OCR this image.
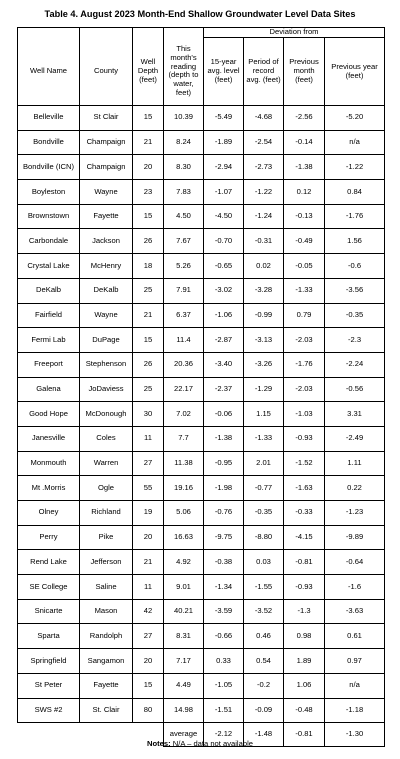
Table 4. August 2023 Month-End Shallow Groundwater Level Data Sites
				Deviation from			
Well Name	County	Well Depth (feet)	This month's reading (depth to water, feet)	15-year avg. level (feet)	Period of record avg. (feet)	Previous month (feet)	Previous year (feet)
Belleville	St Clair	15	10.39	-5.49	-4.68	-2.56	-5.20
Bondville	Champaign	21	8.24	-1.89	-2.54	-0.14	n/a
Bondville (ICN)	Champaign	20	8.30	-2.94	-2.73	-1.38	-1.22
Boyleston	Wayne	23	7.83	-1.07	-1.22	0.12	0.84
Brownstown	Fayette	15	4.50	-4.50	-1.24	-0.13	-1.76
Carbondale	Jackson	26	7.67	-0.70	-0.31	-0.49	1.56
Crystal Lake	McHenry	18	5.26	-0.65	0.02	-0.05	-0.6
DeKalb	DeKalb	25	7.91	-3.02	-3.28	-1.33	-3.56
Fairfield	Wayne	21	6.37	-1.06	-0.99	0.79	-0.35
Fermi Lab	DuPage	15	11.4	-2.87	-3.13	-2.03	-2.3
Freeport	Stephenson	26	20.36	-3.40	-3.26	-1.76	-2.24
Galena	JoDaviess	25	22.17	-2.37	-1.29	-2.03	-0.56
Good Hope	McDonough	30	7.02	-0.06	1.15	-1.03	3.31
Janesville	Coles	11	7.7	-1.38	-1.33	-0.93	-2.49
Monmouth	Warren	27	11.38	-0.95	2.01	-1.52	1.11
Mt .Morris	Ogle	55	19.16	-1.98	-0.77	-1.63	0.22
Olney	Richland	19	5.06	-0.76	-0.35	-0.33	-1.23
Perry	Pike	20	16.63	-9.75	-8.80	-4.15	-9.89
Rend Lake	Jefferson	21	4.92	-0.38	0.03	-0.81	-0.64
SE College	Saline	11	9.01	-1.34	-1.55	-0.93	-1.6
Snicarte	Mason	42	40.21	-3.59	-3.52	-1.3	-3.63
Sparta	Randolph	27	8.31	-0.66	0.46	0.98	0.61
Springfield	Sangamon	20	7.17	0.33	0.54	1.89	0.97
St Peter	Fayette	15	4.49	-1.05	-0.2	1.06	n/a
SWS #2	St. Clair	80	14.98	-1.51	-0.09	-0.48	-1.18
			average	-2.12	-1.48	-0.81	-1.30
Notes: N/A – data not available
